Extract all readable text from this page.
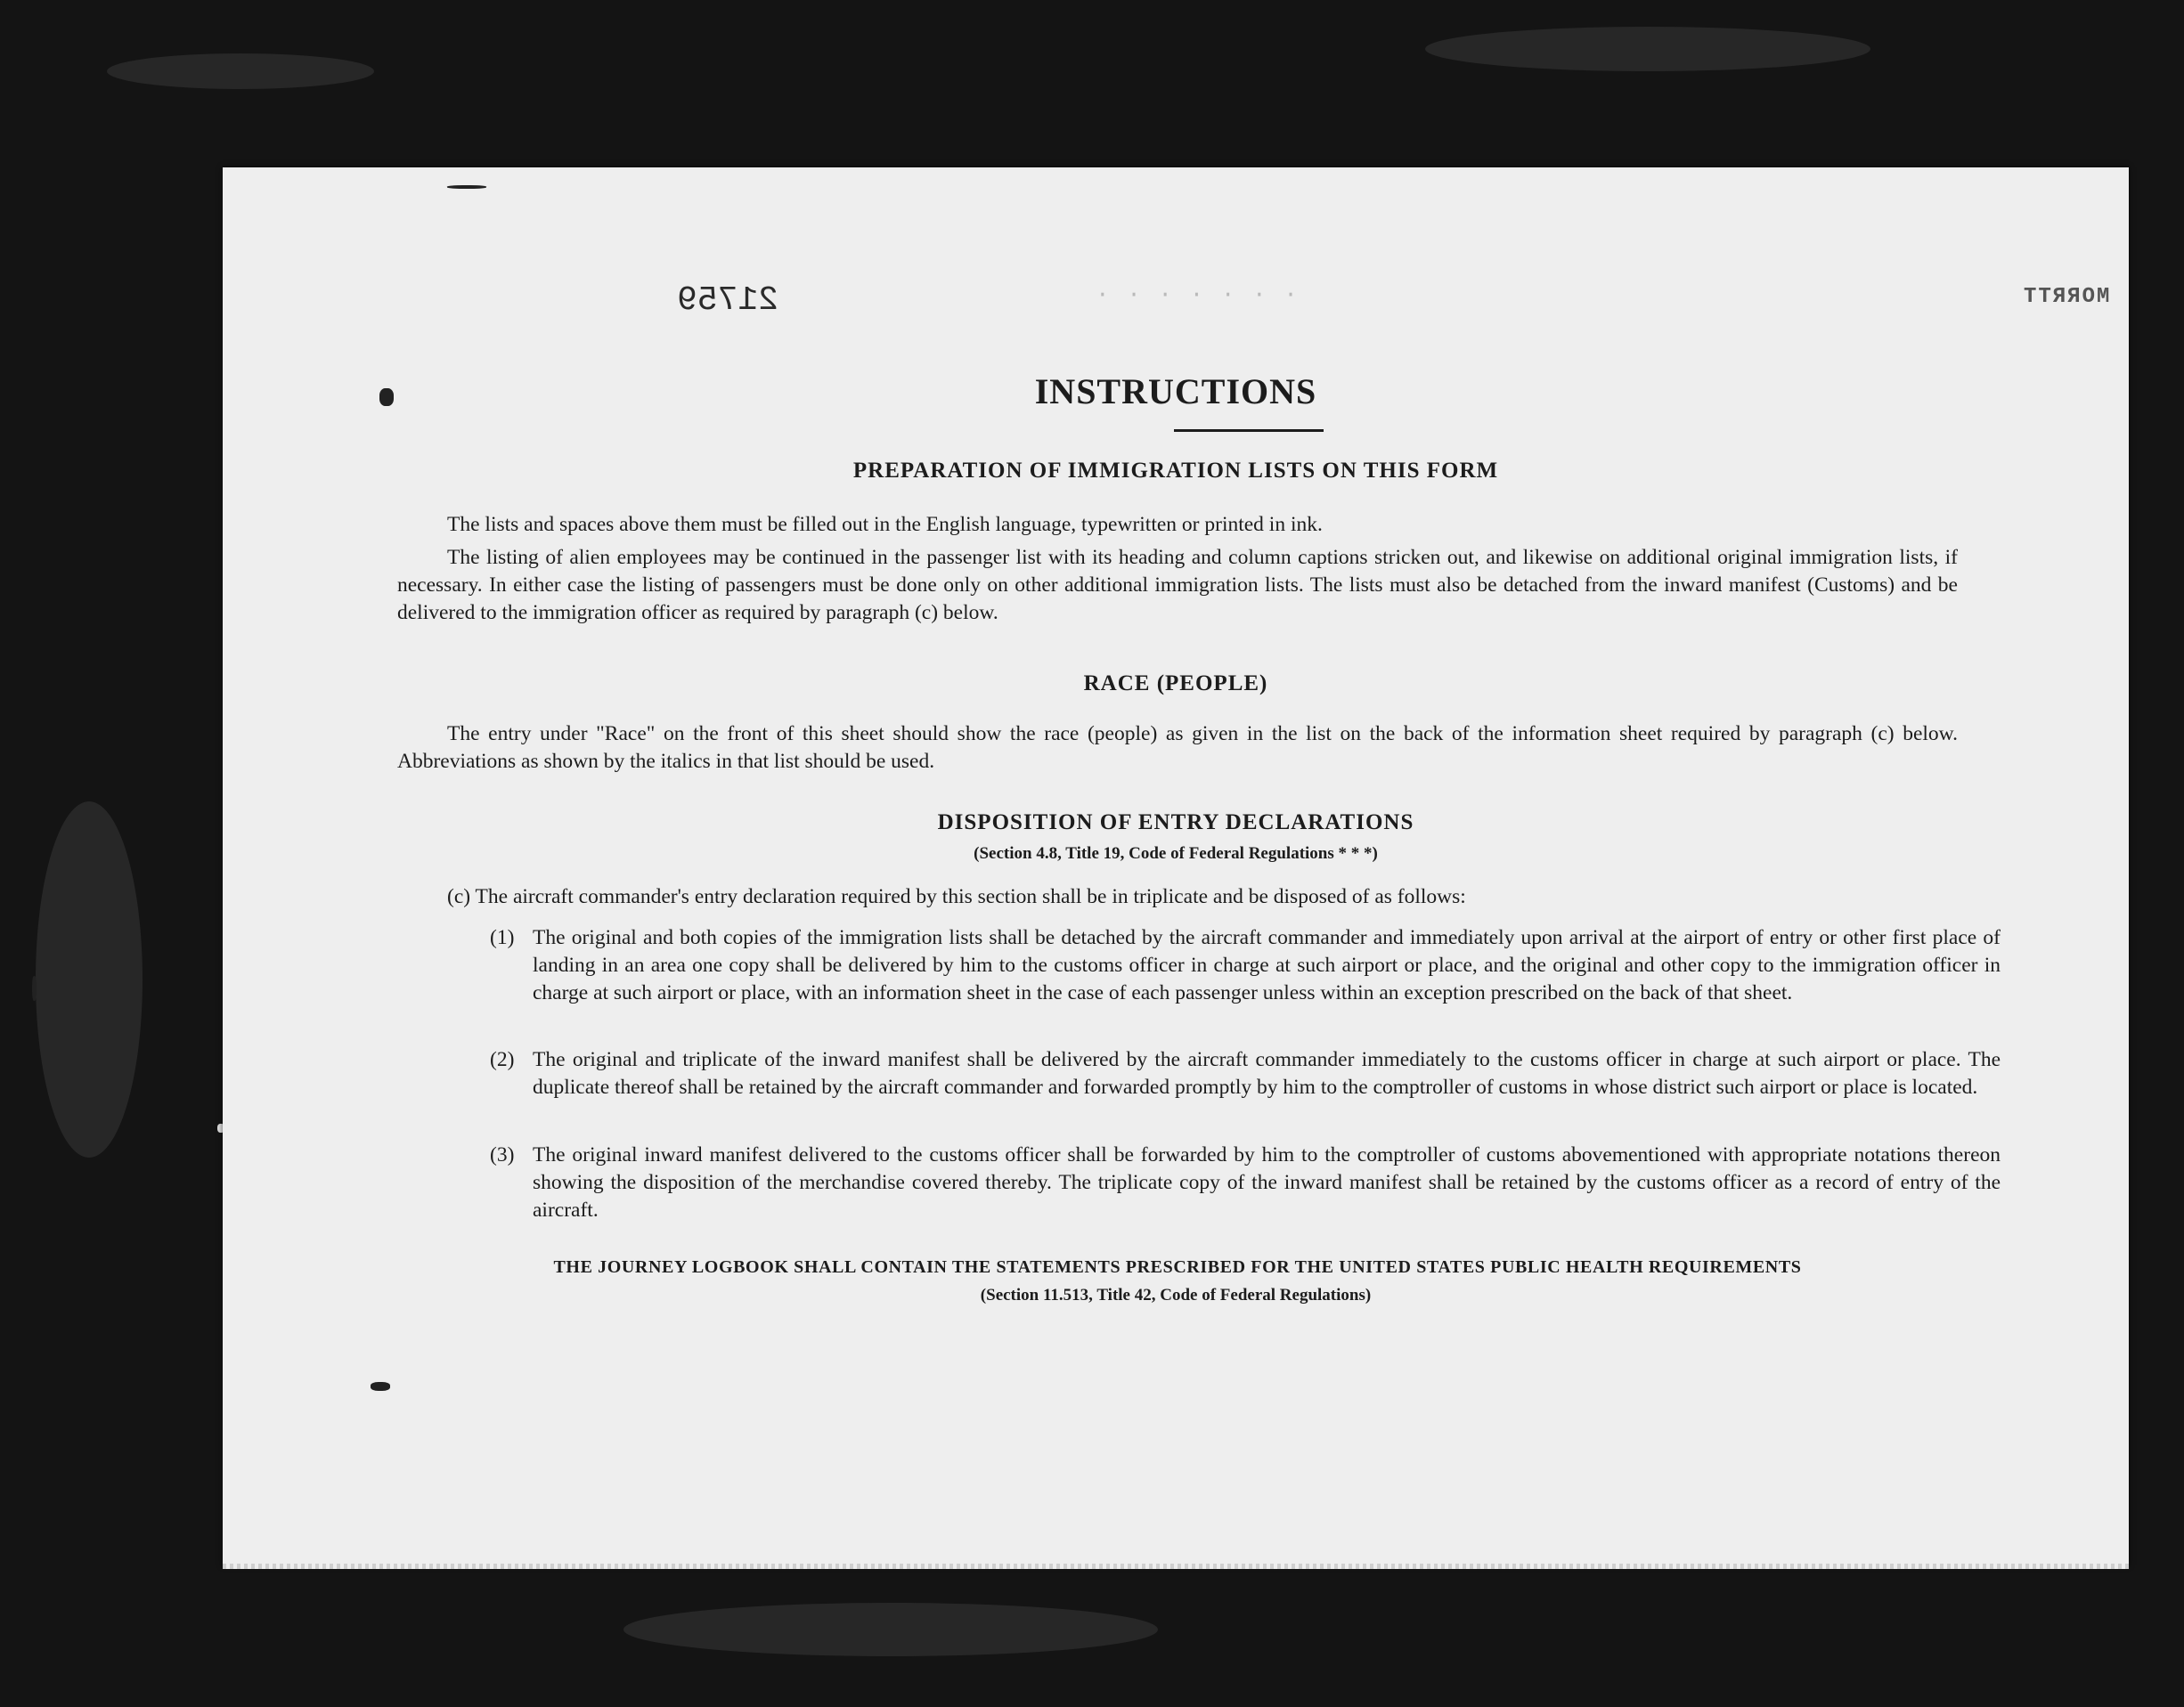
MORRTT
· · · · · · ·
21759
INSTRUCTIONS
PREPARATION OF IMMIGRATION LISTS ON THIS FORM

The lists and spaces above them must be filled out in the English language, typewritten or printed in ink.

The listing of alien employees may be continued in the passenger list with its heading and column captions stricken out, and likewise on additional original immigration lists, if necessary. In either case the listing of passengers must be done only on other additional immigration lists. The lists must also be detached from the inward manifest (Customs) and be delivered to the immigration officer as required by paragraph (c) below.

RACE (PEOPLE)

The entry under "Race" on the front of this sheet should show the race (people) as given in the list on the back of the information sheet required by paragraph (c) below. Abbreviations as shown by the italics in that list should be used.

DISPOSITION OF ENTRY DECLARATIONS

(Section 4.8, Title 19, Code of Federal Regulations * * *)

(c) The aircraft commander's entry declaration required by this section shall be in triplicate and be disposed of as follows:

(1) The original and both copies of the immigration lists shall be detached by the aircraft commander and immediately upon arrival at the airport of entry or other first place of landing in an area one copy shall be delivered by him to the customs officer in charge at such airport or place, and the original and other copy to the immigration officer in charge at such airport or place, with an information sheet in the case of each passenger unless within an exception prescribed on the back of that sheet.

(2) The original and triplicate of the inward manifest shall be delivered by the aircraft commander immediately to the customs officer in charge at such airport or place. The duplicate thereof shall be retained by the aircraft commander and forwarded promptly by him to the comptroller of customs in whose district such airport or place is located.

(3) The original inward manifest delivered to the customs officer shall be forwarded by him to the comptroller of customs abovementioned with appropriate notations thereon showing the disposition of the merchandise covered thereby. The triplicate copy of the inward manifest shall be retained by the customs officer as a record of entry of the aircraft.

THE JOURNEY LOGBOOK SHALL CONTAIN THE STATEMENTS PRESCRIBED FOR THE UNITED STATES PUBLIC HEALTH REQUIREMENTS

(Section 11.513, Title 42, Code of Federal Regulations)
